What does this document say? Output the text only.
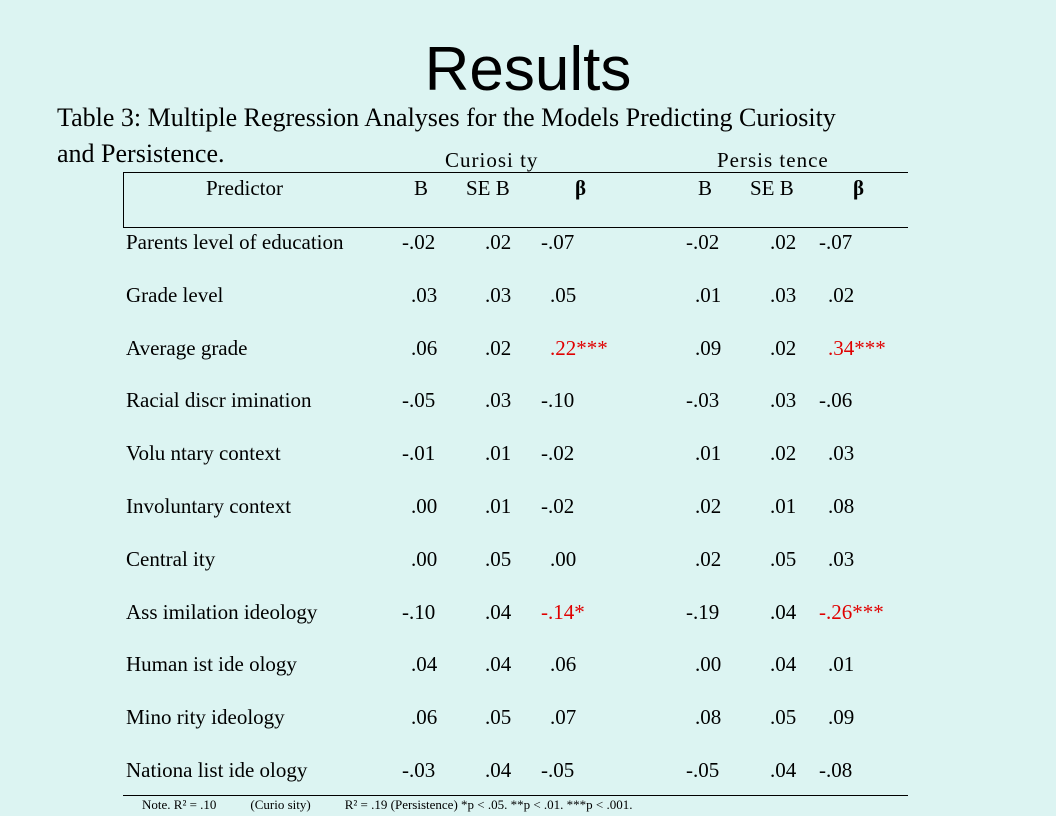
Results
Table 3: Multiple Regression Analyses for the Models Predicting Curiosity and Persistence.	Curiosi ty	Persis tence
Predictor	B SE B	β	B SE B	β
Parents level of education	-.02 .02 -.07	-.02 .02 -.07
Grade level	.03 .03 .05	.01 .03 .02
Average grade	.06 .02 .22***	.09 .02 .34***
Racial discr imination	-.05 .03 -.10	-.03 .03 -.06
Volu ntary context	-.01 .01 -.02	.01 .02 .03
Involuntary context	.00 .01 -.02	.02 .01 .08
Central ity	.00 .05 .00	.02 .05 .03
Ass imilation ideology	-.10 .04 -.14*	-.19 .04 -.26***
Human ist ide ology	.04 .04 .06	.00 .04 .01
Mino rity ideology	.06 .05 .07	.08 .05 .09
Nationa list ide ology	-.03 .04 -.05	-.05 .04 -.08
Note. R² = .10	(Curio sity)	R² = .19 (Persistence) *p < .05. **p < .01. ***p < .001.
